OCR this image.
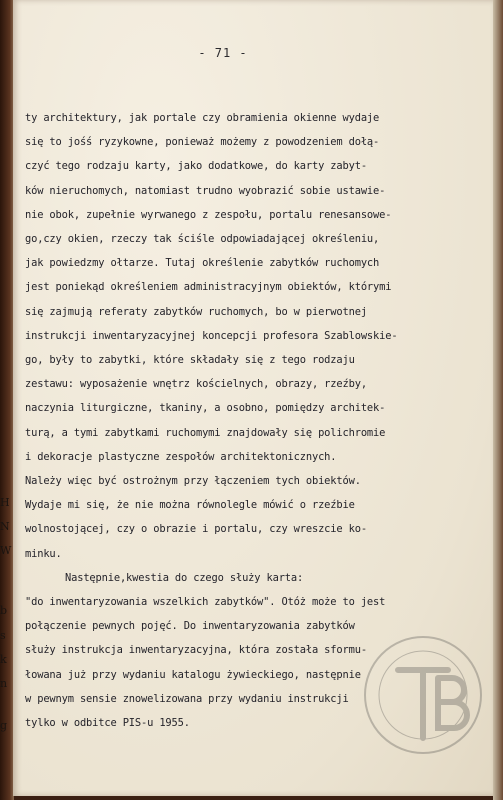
H
N
W
b
s
k
n
g
- 71 -
ty architektury, jak portale czy obramienia okienne wydaje
się to jośś ryzykowne, ponieważ możemy z powodzeniem dołą-
czyć tego rodzaju karty, jako dodatkowe, do karty zabyt-
ków nieruchomych, natomiast trudno wyobrazić sobie ustawie-
nie obok, zupełnie wyrwanego z zespołu, portalu renesansowe-
go,czy okien, rzeczy tak ściśle odpowiadającej określeniu,
jak powiedzmy ołtarze. Tutaj określenie zabytków ruchomych
jest poniekąd określeniem administracyjnym obiektów, którymi
się zajmują referaty zabytków ruchomych, bo w pierwotnej
instrukcji inwentaryzacyjnej koncepcji profesora Szablowskie-
go, były to zabytki, które składały się z tego rodzaju
zestawu: wyposażenie wnętrz kościelnych, obrazy, rzeźby,
naczynia liturgiczne, tkaniny, a osobno, pomiędzy architek-
turą, a tymi zabytkami ruchomymi znajdowały się polichromie
i dekoracje plastyczne zespołów architektonicznych.
Należy więc być ostrożnym przy łączeniem tych obiektów.
Wydaje mi się, że nie można równolegle mówić o rzeźbie
wolnostojącej, czy o obrazie i portalu, czy wreszcie ko-
minku.
Następnie,kwestia do czego służy karta:
"do inwentaryzowania wszelkich zabytków". Otóż może to jest
połączenie pewnych pojęć. Do inwentaryzowania zabytków
służy instrukcja inwentaryzacyjna, która została sformu-
łowana już przy wydaniu katalogu żywieckiego, następnie
w pewnym sensie znowelizowana przy wydaniu instrukcji
tylko w odbitce PIS-u 1955.
